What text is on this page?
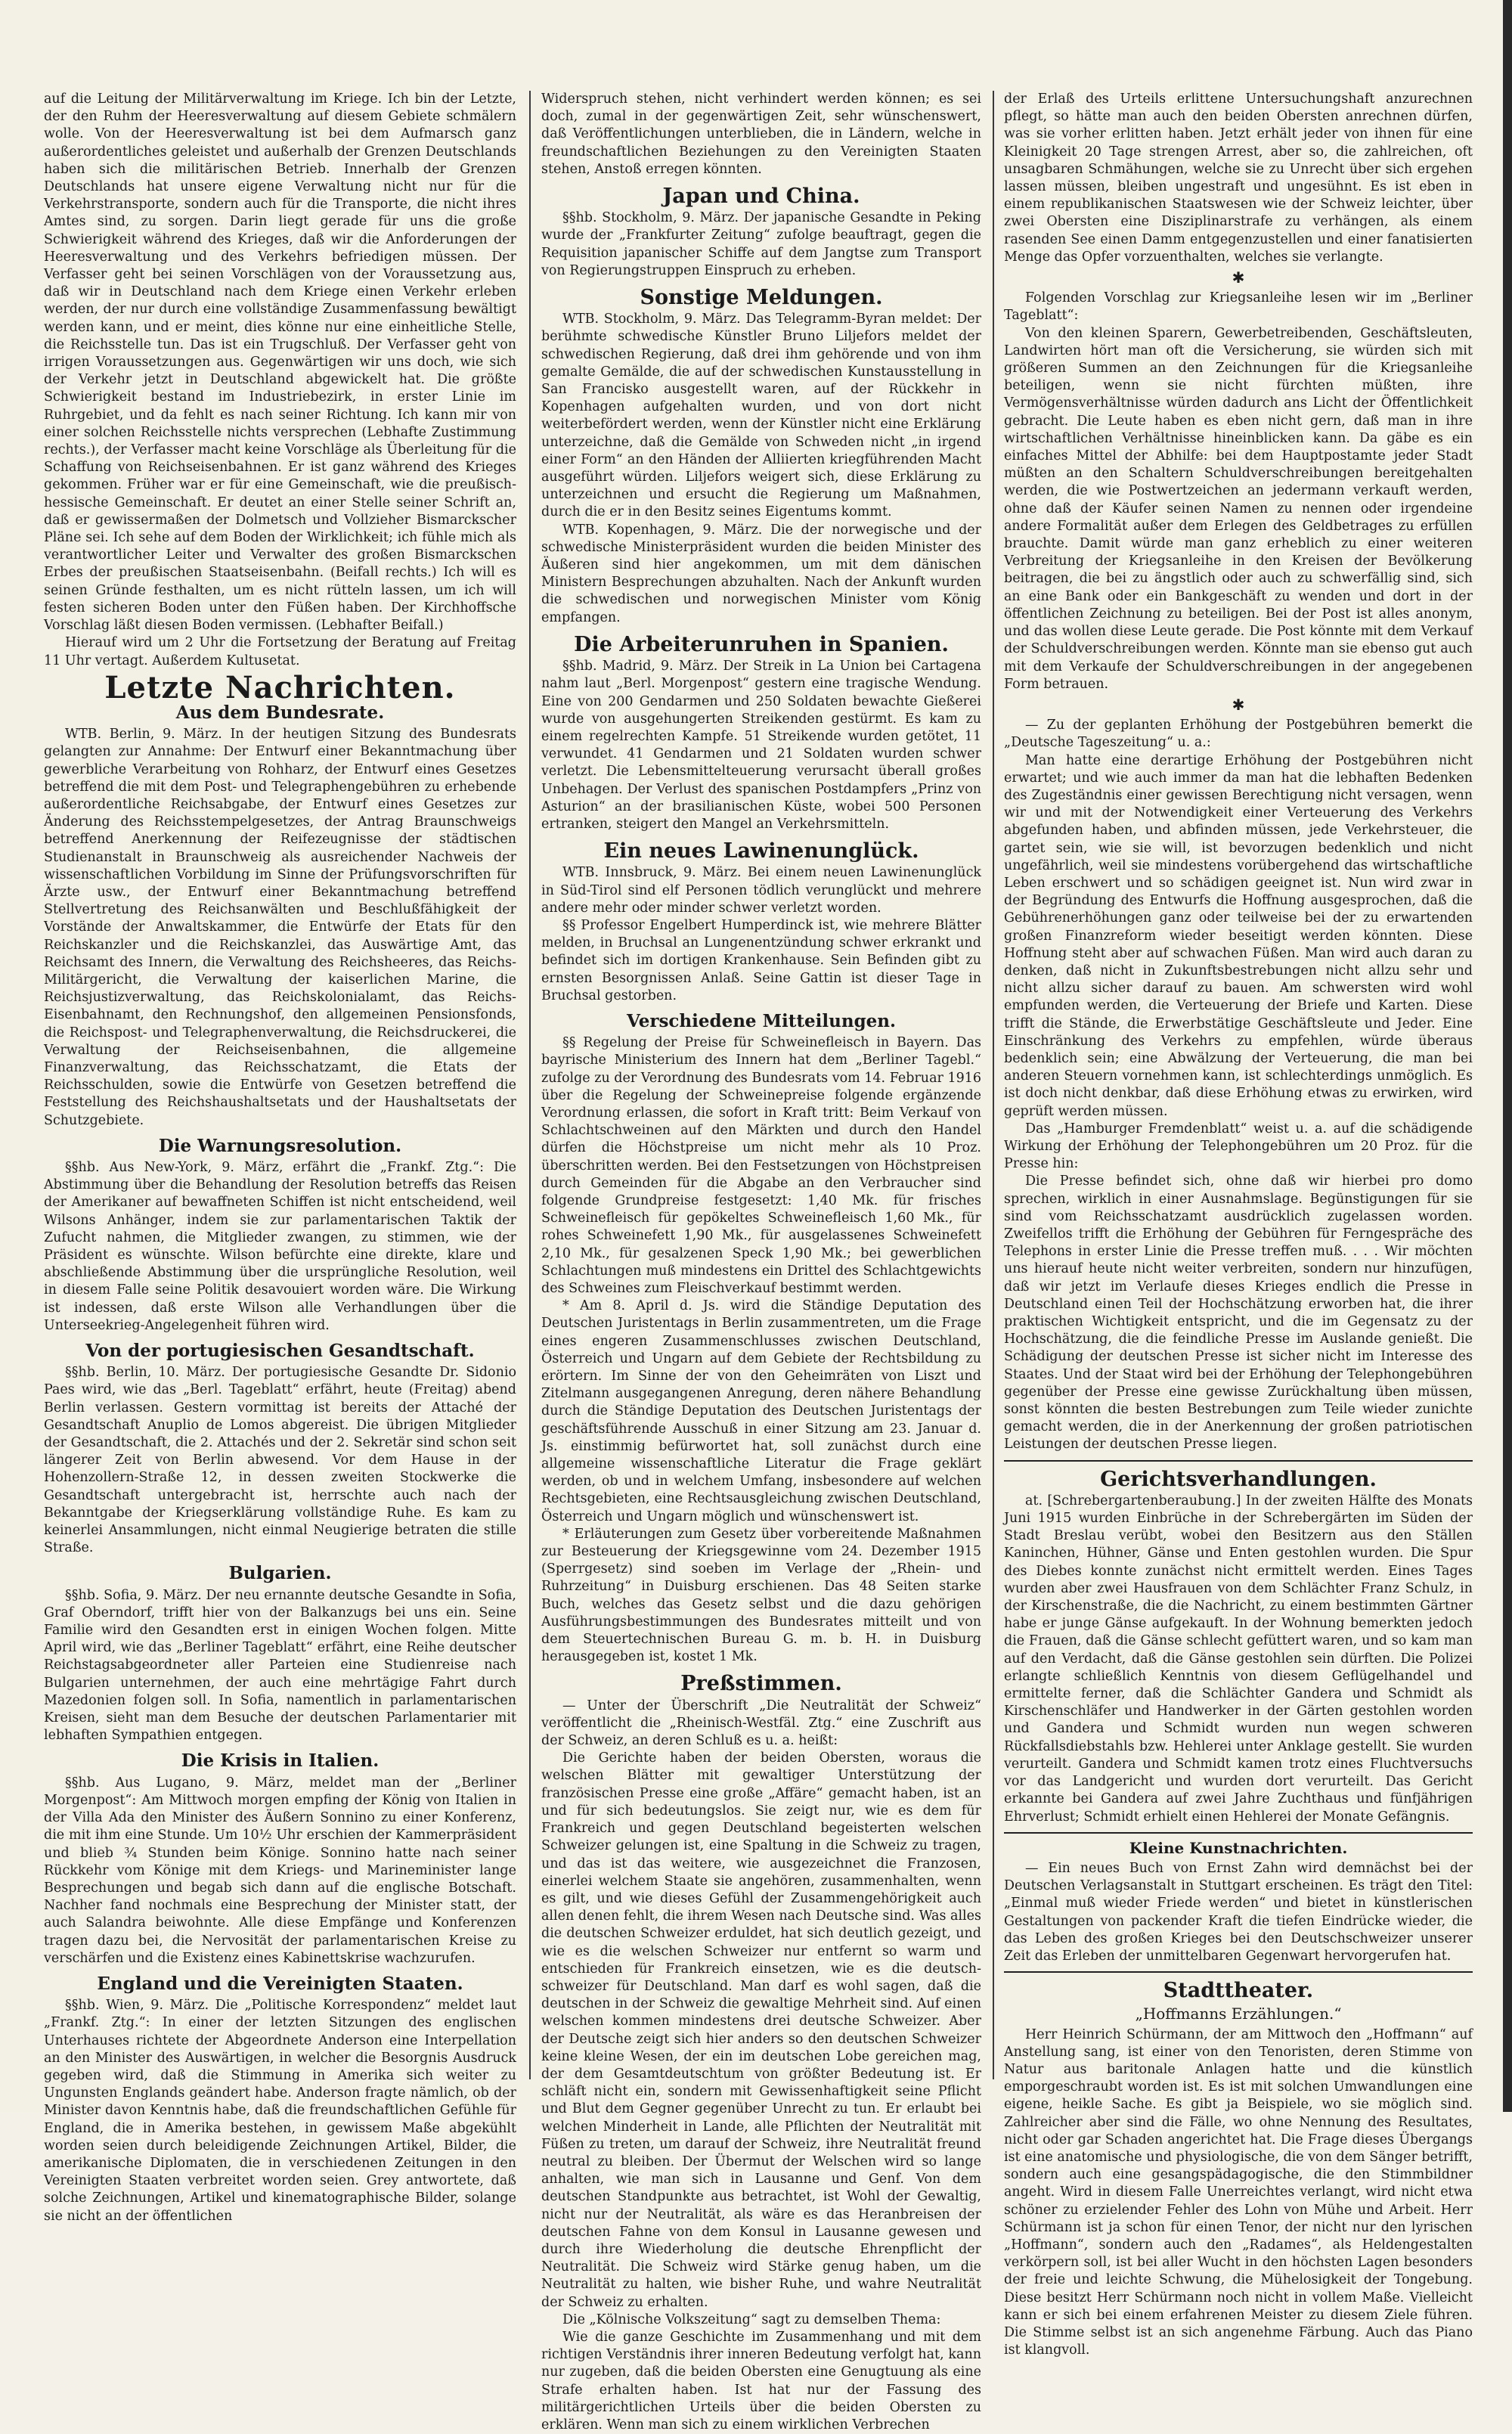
auf die Leitung der Militärverwaltung im Kriege. Ich bin der Letzte, der den Ruhm der Heeresverwaltung auf diesem Gebiete schmälern wolle. Von der Heeresverwaltung ist bei dem Aufmarsch ganz außerordentliches geleistet und außerhalb der Grenzen Deutschlands haben sich die militärischen Betrieb. Innerhalb der Grenzen Deutschlands hat unsere eigene Verwaltung nicht nur für die Verkehrstransporte, sondern auch für die Transporte, die nicht ihres Amtes sind, zu sorgen. Darin liegt gerade für uns die große Schwierigkeit während des Krieges, daß wir die Anforderungen der Heeresverwaltung und des Verkehrs befriedigen müssen. Der Verfasser geht bei seinen Vorschlägen von der Voraussetzung aus, daß wir in Deutschland nach dem Kriege einen Verkehr erleben werden, der nur durch eine vollständige Zusammenfassung bewältigt werden kann, und er meint, dies könne nur eine einheitliche Stelle, die Reichsstelle tun. Das ist ein Trugschluß. Der Verfasser geht von irrigen Voraussetzungen aus. Gegenwärtigen wir uns doch, wie sich der Verkehr jetzt in Deutschland abgewickelt hat. Die größte Schwierigkeit bestand im Industriebezirk, in erster Linie im Ruhrgebiet, und da fehlt es nach seiner Richtung. Ich kann mir von einer solchen Reichsstelle nichts versprechen (Lebhafte Zustimmung rechts.), der Verfasser macht keine Vorschläge als Überleitung für die Schaffung von Reichseisenbahnen. Er ist ganz während des Krieges gekommen. Früher war er für eine Gemeinschaft, wie die preußisch-hessische Gemeinschaft. Er deutet an einer Stelle seiner Schrift an, daß er gewissermaßen der Dolmetsch und Vollzieher Bismarckscher Pläne sei. Ich sehe auf dem Boden der Wirklichkeit; ich fühle mich als verantwortlicher Leiter und Verwalter des großen Bismarckschen Erbes der preußischen Staatseisenbahn. (Beifall rechts.) Ich will es seinen Gründe festhalten, um es nicht rütteln lassen, um ich will festen sicheren Boden unter den Füßen haben. Der Kirchhoffsche Vorschlag läßt diesen Boden vermissen. (Lebhafter Beifall.)

Hierauf wird um 2 Uhr die Fortsetzung der Beratung auf Freitag 11 Uhr vertagt. Außerdem Kultusetat.

Letzte Nachrichten.
Aus dem Bundesrate.

WTB. Berlin, 9. März. In der heutigen Sitzung des Bundesrats gelangten zur Annahme: Der Entwurf einer Bekanntmachung über gewerbliche Verarbeitung von Rohharz, der Entwurf eines Gesetzes betreffend die mit dem Post- und Telegraphengebühren zu erhebende außerordentliche Reichsabgabe, der Entwurf eines Gesetzes zur Änderung des Reichsstempelgesetzes, der Antrag Braunschweigs betreffend Anerkennung der Reifezeugnisse der städtischen Studienanstalt in Braunschweig als ausreichender Nachweis der wissenschaftlichen Vorbildung im Sinne der Prüfungsvorschriften für Ärzte usw., der Entwurf einer Bekanntmachung betreffend Stellvertretung des Reichsanwälten und Beschlußfähigkeit der Vorstände der Anwaltskammer, die Entwürfe der Etats für den Reichskanzler und die Reichskanzlei, das Auswärtige Amt, das Reichsamt des Innern, die Verwaltung des Reichsheeres, das Reichs-Militärgericht, die Verwaltung der kaiserlichen Marine, die Reichsjustizverwaltung, das Reichskolonialamt, das Reichs-Eisenbahnamt, den Rechnungshof, den allgemeinen Pensionsfonds, die Reichspost- und Telegraphenverwaltung, die Reichsdruckerei, die Verwaltung der Reichseisenbahnen, die allgemeine Finanzverwaltung, das Reichsschatzamt, die Etats der Reichsschulden, sowie die Entwürfe von Gesetzen betreffend die Feststellung des Reichshaushaltsetats und der Haushaltsetats der Schutzgebiete.

Die Warnungsresolution.

§§hb. Aus New-York, 9. März, erfährt die „Frankf. Ztg.“: Die Abstimmung über die Behandlung der Resolution betreffs das Reisen der Amerikaner auf bewaffneten Schiffen ist nicht entscheidend, weil Wilsons Anhänger, indem sie zur parlamentarischen Taktik der Zufucht nahmen, die Mitglieder zwangen, zu stimmen, wie der Präsident es wünschte. Wilson befürchte eine direkte, klare und abschließende Abstimmung über die ursprüngliche Resolution, weil in diesem Falle seine Politik desavouiert worden wäre. Die Wirkung ist indessen, daß erste Wilson alle Verhandlungen über die Unterseekrieg-Angelegenheit führen wird.

Von der portugiesischen Gesandtschaft.

§§hb. Berlin, 10. März. Der portugiesische Gesandte Dr. Sidonio Paes wird, wie das „Berl. Tageblatt“ erfährt, heute (Freitag) abend Berlin verlassen. Gestern vormittag ist bereits der Attaché der Gesandtschaft Anuplio de Lomos abgereist. Die übrigen Mitglieder der Gesandtschaft, die 2. Attachés und der 2. Sekretär sind schon seit längerer Zeit von Berlin abwesend. Vor dem Hause in der Hohenzollern-Straße 12, in dessen zweiten Stockwerke die Gesandtschaft untergebracht ist, herrschte auch nach der Bekanntgabe der Kriegserklärung vollständige Ruhe. Es kam zu keinerlei Ansammlungen, nicht einmal Neugierige betraten die stille Straße.

Bulgarien.

§§hb. Sofia, 9. März. Der neu ernannte deutsche Gesandte in Sofia, Graf Oberndorf, trifft hier von der Balkanzugs bei uns ein. Seine Familie wird den Gesandten erst in einigen Wochen folgen. Mitte April wird, wie das „Berliner Tageblatt“ erfährt, eine Reihe deutscher Reichstagsabgeordneter aller Parteien eine Studienreise nach Bulgarien unternehmen, der auch eine mehrtägige Fahrt durch Mazedonien folgen soll. In Sofia, namentlich in parlamentarischen Kreisen, sieht man dem Besuche der deutschen Parlamentarier mit lebhaften Sympathien entgegen.

Die Krisis in Italien.

§§hb. Aus Lugano, 9. März, meldet man der „Berliner Morgenpost“: Am Mittwoch morgen empfing der König von Italien in der Villa Ada den Minister des Äußern Sonnino zu einer Konferenz, die mit ihm eine Stunde. Um 10½ Uhr erschien der Kammerpräsident und blieb ¾ Stunden beim Könige. Sonnino hatte nach seiner Rückkehr vom Könige mit dem Kriegs- und Marineminister lange Besprechungen und begab sich dann auf die englische Botschaft. Nachher fand nochmals eine Besprechung der Minister statt, der auch Salandra beiwohnte. Alle diese Empfänge und Konferenzen tragen dazu bei, die Nervosität der parlamentarischen Kreise zu verschärfen und die Existenz eines Kabinettskrise wachzurufen.

England und die Vereinigten Staaten.

§§hb. Wien, 9. März. Die „Politische Korrespondenz“ meldet laut „Frankf. Ztg.“: In einer der letzten Sitzungen des englischen Unterhauses richtete der Abgeordnete Anderson eine Interpellation an den Minister des Auswärtigen, in welcher die Besorgnis Ausdruck gegeben wird, daß die Stimmung in Amerika sich weiter zu Ungunsten Englands geändert habe. Anderson fragte nämlich, ob der Minister davon Kenntnis habe, daß die freundschaftlichen Gefühle für England, die in Amerika bestehen, in gewissem Maße abgekühlt worden seien durch beleidigende Zeichnungen Artikel, Bilder, die amerikanische Diplomaten, die in verschiedenen Zeitungen in den Vereinigten Staaten verbreitet worden seien. Grey antwortete, daß solche Zeichnungen, Artikel und kinematographische Bilder, solange sie nicht an der öffentlichen

Widerspruch stehen, nicht verhindert werden können; es sei doch, zumal in der gegenwärtigen Zeit, sehr wünschenswert, daß Veröffentlichungen unterblieben, die in Ländern, welche in freundschaftlichen Beziehungen zu den Vereinigten Staaten stehen, Anstoß erregen könnten.

Japan und China.

§§hb. Stockholm, 9. März. Der japanische Gesandte in Peking wurde der „Frankfurter Zeitung“ zufolge beauftragt, gegen die Requisition japanischer Schiffe auf dem Jangtse zum Transport von Regierungstruppen Einspruch zu erheben.

Sonstige Meldungen.

WTB. Stockholm, 9. März. Das Telegramm-Byran meldet: Der berühmte schwedische Künstler Bruno Liljefors meldet der schwedischen Regierung, daß drei ihm gehörende und von ihm gemalte Gemälde, die auf der schwedischen Kunstausstellung in San Francisko ausgestellt waren, auf der Rückkehr in Kopenhagen aufgehalten wurden, und von dort nicht weiterbefördert werden, wenn der Künstler nicht eine Erklärung unterzeichne, daß die Gemälde von Schweden nicht „in irgend einer Form“ an den Händen der Alliierten kriegführenden Macht ausgeführt würden. Liljefors weigert sich, diese Erklärung zu unterzeichnen und ersucht die Regierung um Maßnahmen, durch die er in den Besitz seines Eigentums kommt.

WTB. Kopenhagen, 9. März. Die der norwegische und der schwedische Ministerpräsident wurden die beiden Minister des Äußeren sind hier angekommen, um mit dem dänischen Ministern Besprechungen abzuhalten. Nach der Ankunft wurden die schwedischen und norwegischen Minister vom König empfangen.

Die Arbeiterunruhen in Spanien.

§§hb. Madrid, 9. März. Der Streik in La Union bei Cartagena nahm laut „Berl. Morgenpost“ gestern eine tragische Wendung. Eine von 200 Gendarmen und 250 Soldaten bewachte Gießerei wurde von ausgehungerten Streikenden gestürmt. Es kam zu einem regelrechten Kampfe. 51 Streikende wurden getötet, 11 verwundet. 41 Gendarmen und 21 Soldaten wurden schwer verletzt. Die Lebensmittelteuerung verursacht überall großes Unbehagen. Der Verlust des spanischen Postdampfers „Prinz von Asturion“ an der brasilianischen Küste, wobei 500 Personen ertranken, steigert den Mangel an Verkehrsmitteln.

Ein neues Lawinenunglück.

WTB. Innsbruck, 9. März. Bei einem neuen Lawinenunglück in Süd-Tirol sind elf Personen tödlich verunglückt und mehrere andere mehr oder minder schwer verletzt worden.

§§ Professor Engelbert Humperdinck ist, wie mehrere Blätter melden, in Bruchsal an Lungenentzündung schwer erkrankt und befindet sich im dortigen Krankenhause. Sein Befinden gibt zu ernsten Besorgnissen Anlaß. Seine Gattin ist dieser Tage in Bruchsal gestorben.

Verschiedene Mitteilungen.

§§ Regelung der Preise für Schweinefleisch in Bayern. Das bayrische Ministerium des Innern hat dem „Berliner Tagebl.“ zufolge zu der Verordnung des Bundesrats vom 14. Februar 1916 über die Regelung der Schweinepreise folgende ergänzende Verordnung erlassen, die sofort in Kraft tritt: Beim Verkauf von Schlachtschweinen auf den Märkten und durch den Handel dürfen die Höchstpreise um nicht mehr als 10 Proz. überschritten werden. Bei den Festsetzungen von Höchstpreisen durch Gemeinden für die Abgabe an den Verbraucher sind folgende Grundpreise festgesetzt: 1,40 Mk. für frisches Schweinefleisch für gepökeltes Schweinefleisch 1,60 Mk., für rohes Schweinefett 1,90 Mk., für ausgelassenes Schweinefett 2,10 Mk., für gesalzenen Speck 1,90 Mk.; bei gewerblichen Schlachtungen muß mindestens ein Drittel des Schlachtgewichts des Schweines zum Fleischverkauf bestimmt werden.

* Am 8. April d. Js. wird die Ständige Deputation des Deutschen Juristentags in Berlin zusammentreten, um die Frage eines engeren Zusammenschlusses zwischen Deutschland, Österreich und Ungarn auf dem Gebiete der Rechtsbildung zu erörtern. Im Sinne der von den Geheimräten von Liszt und Zitelmann ausgegangenen Anregung, deren nähere Behandlung durch die Ständige Deputation des Deutschen Juristentags der geschäftsführende Ausschuß in einer Sitzung am 23. Januar d. Js. einstimmig befürwortet hat, soll zunächst durch eine allgemeine wissenschaftliche Literatur die Frage geklärt werden, ob und in welchem Umfang, insbesondere auf welchen Rechtsgebieten, eine Rechtsausgleichung zwischen Deutschland, Österreich und Ungarn möglich und wünschenswert ist.

* Erläuterungen zum Gesetz über vorbereitende Maßnahmen zur Besteuerung der Kriegsgewinne vom 24. Dezember 1915 (Sperrgesetz) sind soeben im Verlage der „Rhein- und Ruhrzeitung“ in Duisburg erschienen. Das 48 Seiten starke Buch, welches das Gesetz selbst und die dazu gehörigen Ausführungsbestimmungen des Bundesrates mitteilt und von dem Steuertechnischen Bureau G. m. b. H. in Duisburg herausgegeben ist, kostet 1 Mk.

Preßstimmen.

— Unter der Überschrift „Die Neutralität der Schweiz“ veröffentlicht die „Rheinisch-Westfäl. Ztg.“ eine Zuschrift aus der Schweiz, an deren Schluß es u. a. heißt:

Die Gerichte haben der beiden Obersten, woraus die welschen Blätter mit gewaltiger Unterstützung der französischen Presse eine große „Affäre“ gemacht haben, ist an und für sich bedeutungslos. Sie zeigt nur, wie es dem für Frankreich und gegen Deutschland begeisterten welschen Schweizer gelungen ist, eine Spaltung in die Schweiz zu tragen, und das ist das weitere, wie ausgezeichnet die Franzosen, einerlei welchem Staate sie angehören, zusammenhalten, wenn es gilt, und wie dieses Gefühl der Zusammengehörigkeit auch allen denen fehlt, die ihrem Wesen nach Deutsche sind. Was alles die deutschen Schweizer erduldet, hat sich deutlich gezeigt, und wie es die welschen Schweizer nur entfernt so warm und entschieden für Frankreich einsetzen, wie es die deutsch-schweizer für Deutschland. Man darf es wohl sagen, daß die deutschen in der Schweiz die gewaltige Mehrheit sind. Auf einen welschen kommen mindestens drei deutsche Schweizer. Aber der Deutsche zeigt sich hier anders so den deutschen Schweizer keine kleine Wesen, der ein im deutschen Lobe gereichen mag, der dem Gesamtdeutschtum von größter Bedeutung ist. Er schläft nicht ein, sondern mit Gewissenhaftigkeit seine Pflicht und Blut dem Gegner gegenüber Unrecht zu tun. Er erlaubt bei welchen Minderheit in Lande, alle Pflichten der Neutralität mit Füßen zu treten, um darauf der Schweiz, ihre Neutralität freund neutral zu bleiben. Der Übermut der Welschen wird so lange anhalten, wie man sich in Lausanne und Genf. Von dem deutschen Standpunkte aus betrachtet, ist Wohl der Gewaltig, nicht nur der Neutralität, als wäre es das Heranbreisen der deutschen Fahne von dem Konsul in Lausanne gewesen und durch ihre Wiederholung die deutsche Ehrenpflicht der Neutralität. Die Schweiz wird Stärke genug haben, um die Neutralität zu halten, wie bisher Ruhe, und wahre Neutralität der Schweiz zu erhalten.

Die „Kölnische Volkszeitung“ sagt zu demselben Thema:

Wie die ganze Geschichte im Zusammenhang und mit dem richtigen Verständnis ihrer inneren Bedeutung verfolgt hat, kann nur zugeben, daß die beiden Obersten eine Genugtuung als eine Strafe erhalten haben. Ist hat nur der Fassung des militärgerichtlichen Urteils über die beiden Obersten zu erklären. Wenn man sich zu einem wirklichen Verbrechen

der Erlaß des Urteils erlittene Untersuchungshaft anzurechnen pflegt, so hätte man auch den beiden Obersten anrechnen dürfen, was sie vorher erlitten haben. Jetzt erhält jeder von ihnen für eine Kleinigkeit 20 Tage strengen Arrest, aber so, die zahlreichen, oft unsagbaren Schmähungen, welche sie zu Unrecht über sich ergehen lassen müssen, bleiben ungestraft und ungesühnt. Es ist eben in einem republikanischen Staatswesen wie der Schweiz leichter, über zwei Obersten eine Disziplinarstrafe zu verhängen, als einem rasenden See einen Damm entgegenzustellen und einer fanatisierten Menge das Opfer vorzuenthalten, welches sie verlangte.

✱

Folgenden Vorschlag zur Kriegsanleihe lesen wir im „Berliner Tageblatt“:

Von den kleinen Sparern, Gewerbetreibenden, Geschäftsleuten, Landwirten hört man oft die Versicherung, sie würden sich mit größeren Summen an den Zeichnungen für die Kriegsanleihe beteiligen, wenn sie nicht fürchten müßten, ihre Vermögensverhältnisse würden dadurch ans Licht der Öffentlichkeit gebracht. Die Leute haben es eben nicht gern, daß man in ihre wirtschaftlichen Verhältnisse hineinblicken kann. Da gäbe es ein einfaches Mittel der Abhilfe: bei dem Hauptpostamte jeder Stadt müßten an den Schaltern Schuldverschreibungen bereitgehalten werden, die wie Postwertzeichen an jedermann verkauft werden, ohne daß der Käufer seinen Namen zu nennen oder irgendeine andere Formalität außer dem Erlegen des Geldbetrages zu erfüllen brauchte. Damit würde man ganz erheblich zu einer weiteren Verbreitung der Kriegsanleihe in den Kreisen der Bevölkerung beitragen, die bei zu ängstlich oder auch zu schwerfällig sind, sich an eine Bank oder ein Bankgeschäft zu wenden und dort in der öffentlichen Zeichnung zu beteiligen. Bei der Post ist alles anonym, und das wollen diese Leute gerade. Die Post könnte mit dem Verkauf der Schuldverschreibungen werden. Könnte man sie ebenso gut auch mit dem Verkaufe der Schuldverschreibungen in der angegebenen Form betrauen.

✱

— Zu der geplanten Erhöhung der Postgebühren bemerkt die „Deutsche Tageszeitung“ u. a.:

Man hatte eine derartige Erhöhung der Postgebühren nicht erwartet; und wie auch immer da man hat die lebhaften Bedenken des Zugeständnis einer gewissen Berechtigung nicht versagen, wenn wir und mit der Notwendigkeit einer Verteuerung des Verkehrs abgefunden haben, und abfinden müssen, jede Verkehrsteuer, die gartet sein, wie sie will, ist bevorzugen bedenklich und nicht ungefährlich, weil sie mindestens vorübergehend das wirtschaftliche Leben erschwert und so schädigen geeignet ist. Nun wird zwar in der Begründung des Entwurfs die Hoffnung ausgesprochen, daß die Gebührenerhöhungen ganz oder teilweise bei der zu erwartenden großen Finanzreform wieder beseitigt werden könnten. Diese Hoffnung steht aber auf schwachen Füßen. Man wird auch daran zu denken, daß nicht in Zukunftsbestrebungen nicht allzu sehr und nicht allzu sicher darauf zu bauen. Am schwersten wird wohl empfunden werden, die Verteuerung der Briefe und Karten. Diese trifft die Stände, die Erwerbstätige Geschäftsleute und Jeder. Eine Einschränkung des Verkehrs zu empfehlen, würde überaus bedenklich sein; eine Abwälzung der Verteuerung, die man bei anderen Steuern vornehmen kann, ist schlechterdings unmöglich. Es ist doch nicht denkbar, daß diese Erhöhung etwas zu erwirken, wird geprüft werden müssen.

Das „Hamburger Fremdenblatt“ weist u. a. auf die schädigende Wirkung der Erhöhung der Telephongebühren um 20 Proz. für die Presse hin:

Die Presse befindet sich, ohne daß wir hierbei pro domo sprechen, wirklich in einer Ausnahmslage. Begünstigungen für sie sind vom Reichsschatzamt ausdrücklich zugelassen worden. Zweifellos trifft die Erhöhung der Gebühren für Ferngespräche des Telephons in erster Linie die Presse treffen muß. . . . Wir möchten uns hierauf heute nicht weiter verbreiten, sondern nur hinzufügen, daß wir jetzt im Verlaufe dieses Krieges endlich die Presse in Deutschland einen Teil der Hochschätzung erworben hat, die ihrer praktischen Wichtigkeit entspricht, und die im Gegensatz zu der Hochschätzung, die die feindliche Presse im Auslande genießt. Die Schädigung der deutschen Presse ist sicher nicht im Interesse des Staates. Und der Staat wird bei der Erhöhung der Telephongebühren gegenüber der Presse eine gewisse Zurückhaltung üben müssen, sonst könnten die besten Bestrebungen zum Teile wieder zunichte gemacht werden, die in der Anerkennung der großen patriotischen Leistungen der deutschen Presse liegen.

Gerichtsverhandlungen.

at. [Schrebergartenberaubung.] In der zweiten Hälfte des Monats Juni 1915 wurden Einbrüche in der Schrebergärten im Süden der Stadt Breslau verübt, wobei den Besitzern aus den Ställen Kaninchen, Hühner, Gänse und Enten gestohlen wurden. Die Spur des Diebes konnte zunächst nicht ermittelt werden. Eines Tages wurden aber zwei Hausfrauen von dem Schlächter Franz Schulz, in der Kirschenstraße, die die Nachricht, zu einem bestimmten Gärtner habe er junge Gänse aufgekauft. In der Wohnung bemerkten jedoch die Frauen, daß die Gänse schlecht gefüttert waren, und so kam man auf den Verdacht, daß die Gänse gestohlen sein dürften. Die Polizei erlangte schließlich Kenntnis von diesem Geflügelhandel und ermittelte ferner, daß die Schlächter Gandera und Schmidt als Kirschenschläfer und Handwerker in der Gärten gestohlen worden und Gandera und Schmidt wurden nun wegen schweren Rückfallsdiebstahls bzw. Hehlerei unter Anklage gestellt. Sie wurden verurteilt. Gandera und Schmidt kamen trotz eines Fluchtversuchs vor das Landgericht und wurden dort verurteilt. Das Gericht erkannte bei Gandera auf zwei Jahre Zuchthaus und fünfjährigen Ehrverlust; Schmidt erhielt einen Hehlerei der Monate Gefängnis.

Kleine Kunstnachrichten.

— Ein neues Buch von Ernst Zahn wird demnächst bei der Deutschen Verlagsanstalt in Stuttgart erscheinen. Es trägt den Titel: „Einmal muß wieder Friede werden“ und bietet in künstlerischen Gestaltungen von packender Kraft die tiefen Eindrücke wieder, die das Leben des großen Krieges bei den Deutschschweizer unserer Zeit das Erleben der unmittelbaren Gegenwart hervorgerufen hat.

Stadttheater.
„Hoffmanns Erzählungen.“

Herr Heinrich Schürmann, der am Mittwoch den „Hoffmann“ auf Anstellung sang, ist einer von den Tenoristen, deren Stimme von Natur aus baritonale Anlagen hatte und die künstlich emporgeschraubt worden ist. Es ist mit solchen Umwandlungen eine eigene, heikle Sache. Es gibt ja Beispiele, wo sie möglich sind. Zahlreicher aber sind die Fälle, wo ohne Nennung des Resultates, nicht oder gar Schaden angerichtet hat. Die Frage dieses Übergangs ist eine anatomische und physiologische, die von dem Sänger betrifft, sondern auch eine gesangspädagogische, die den Stimmbildner angeht. Wird in diesem Falle Unerreichtes verlangt, wird nicht etwa schöner zu erzielender Fehler des Lohn von Mühe und Arbeit. Herr Schürmann ist ja schon für einen Tenor, der nicht nur den lyrischen „Hoffmann“, sondern auch den „Radames“, als Heldengestalten verkörpern soll, ist bei aller Wucht in den höchsten Lagen besonders der freie und leichte Schwung, die Mühelosigkeit der Tongebung. Diese besitzt Herr Schürmann noch nicht in vollem Maße. Vielleicht kann er sich bei einem erfahrenen Meister zu diesem Ziele führen. Die Stimme selbst ist an sich angenehme Färbung. Auch das Piano ist klangvoll.
